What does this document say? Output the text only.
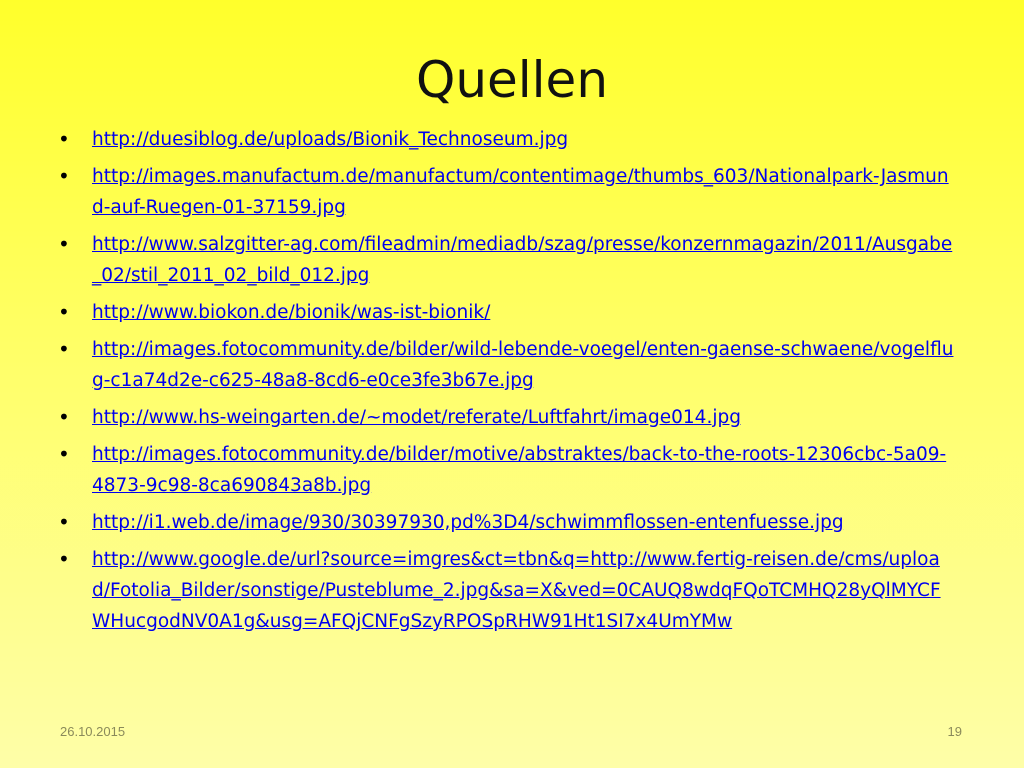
Quellen
• http://duesiblog.de/uploads/Bionik_Technoseum.jpg
• http://images.manufactum.de/manufactum/contentimage/thumbs_603/Nationalpark-Jasmund-auf-Ruegen-01-37159.jpg
• http://www.salzgitter-ag.com/fileadmin/mediadb/szag/presse/konzernmagazin/2011/Ausgabe_02/stil_2011_02_bild_012.jpg
• http://www.biokon.de/bionik/was-ist-bionik/
• http://images.fotocommunity.de/bilder/wild-lebende-voegel/enten-gaense-schwaene/vogelflug-c1a74d2e-c625-48a8-8cd6-e0ce3fe3b67e.jpg
• http://www.hs-weingarten.de/~modet/referate/Luftfahrt/image014.jpg
• http://images.fotocommunity.de/bilder/motive/abstraktes/back-to-the-roots-12306cbc-5a09-4873-9c98-8ca690843a8b.jpg
• http://i1.web.de/image/930/30397930,pd%3D4/schwimmflossen-entenfuesse.jpg
• http://www.google.de/url?source=imgres&ct=tbn&q=http://www.fertig-reisen.de/cms/upload/Fotolia_Bilder/sonstige/Pusteblume_2.jpg&sa=X&ved=0CAUQ8wdqFQoTCMHQ28yQlMYCFWHucgodNV0A1g&usg=AFQjCNFgSzyRPOSpRHW91Ht1SI7x4UmYMw
26.10.2015	19
